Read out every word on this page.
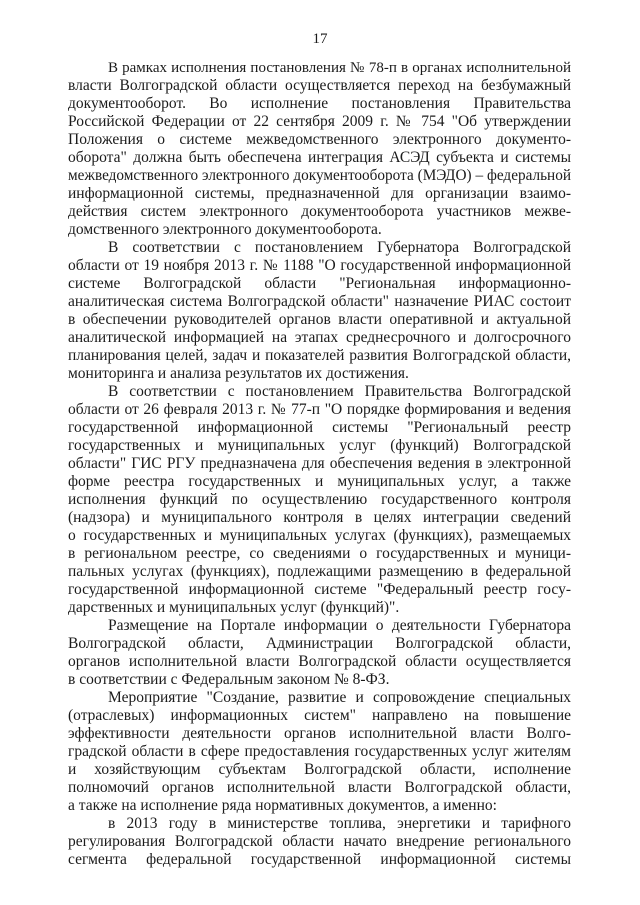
17
В рамках исполнения постановления № 78-п в органах исполнительной
власти Волгоградской области осуществляется переход на безбумажный
документооборот. Во исполнение постановления Правительства
Российской Федерации от 22 сентября 2009 г. № 754 "Об утверждении
Положения о системе межведомственного электронного документо-
оборота" должна быть обеспечена интеграция АСЭД субъекта и системы
межведомственного электронного документооборота (МЭДО) – федеральной
информационной системы, предназначенной для организации взаимо-
действия систем электронного документооборота участников межве-
домственного электронного документооборота.
В соответствии с постановлением Губернатора Волгоградской
области от 19 ноября 2013 г. № 1188 "О государственной информационной
системе Волгоградской области "Региональная информационно-
аналитическая система Волгоградской области" назначение РИАС состоит
в обеспечении руководителей органов власти оперативной и актуальной
аналитической информацией на этапах среднесрочного и долгосрочного
планирования целей, задач и показателей развития Волгоградской области,
мониторинга и анализа результатов их достижения.
В соответствии с постановлением Правительства Волгоградской
области от 26 февраля 2013 г. № 77-п "О порядке формирования и ведения
государственной информационной системы "Региональный реестр
государственных и муниципальных услуг (функций) Волгоградской
области" ГИС РГУ предназначена для обеспечения ведения в электронной
форме реестра государственных и муниципальных услуг, а также
исполнения функций по осуществлению государственного контроля
(надзора) и муниципального контроля в целях интеграции сведений
о государственных и муниципальных услугах (функциях), размещаемых
в региональном реестре, со сведениями о государственных и муници-
пальных услугах (функциях), подлежащими размещению в федеральной
государственной информационной системе "Федеральный реестр госу-
дарственных и муниципальных услуг (функций)".
Размещение на Портале информации о деятельности Губернатора
Волгоградской области, Администрации Волгоградской области,
органов исполнительной власти Волгоградской области осуществляется
в соответствии с Федеральным законом № 8-ФЗ.
Мероприятие "Создание, развитие и сопровождение специальных
(отраслевых) информационных систем" направлено на повышение
эффективности деятельности органов исполнительной власти Волго-
градской области в сфере предоставления государственных услуг жителям
и хозяйствующим субъектам Волгоградской области, исполнение
полномочий органов исполнительной власти Волгоградской области,
а также на исполнение ряда нормативных документов, а именно:
в 2013 году в министерстве топлива, энергетики и тарифного
регулирования Волгоградской области начато внедрение регионального
сегмента федеральной государственной информационной системы
